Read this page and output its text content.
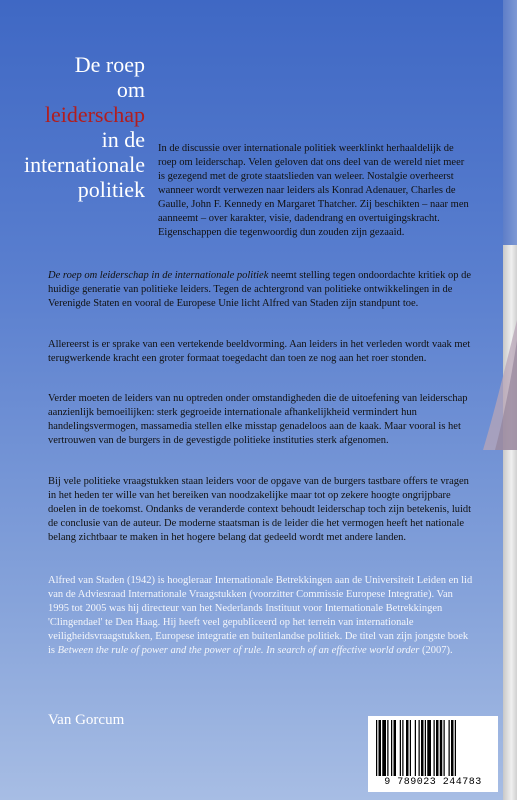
De roep
om
leiderschap
in de
internationale
politiek

In de discussie over internationale politiek weerklinkt herhaaldelijk de roep om leiderschap. Velen geloven dat ons deel van de wereld niet meer is gezegend met de grote staatslieden van weleer. Nostalgie overheerst wanneer wordt verwezen naar leiders als Konrad Adenauer, Charles de Gaulle, John F. Kennedy en Margaret Thatcher. Zij beschikten – naar men aanneemt – over karakter, visie, dadendrang en overtuigingskracht. Eigenschappen die tegenwoordig dun zouden zijn gezaaid.

De roep om leiderschap in de internationale politiek neemt stelling tegen ondoordachte kritiek op de huidige generatie van politieke leiders. Tegen de achtergrond van politieke ontwikkelingen in de Verenigde Staten en vooral de Europese Unie licht Alfred van Staden zijn standpunt toe.

Allereerst is er sprake van een vertekende beeldvorming. Aan leiders in het verleden wordt vaak met terugwerkende kracht een groter formaat toegedacht dan toen ze nog aan het roer stonden.

Verder moeten de leiders van nu optreden onder omstandigheden die de uitoefening van leiderschap aanzienlijk bemoeilijken: sterk gegroeide internationale afhankelijkheid vermindert hun handelingsvermogen, massamedia stellen elke misstap genadeloos aan de kaak. Maar vooral is het vertrouwen van de burgers in de gevestigde politieke instituties sterk afgenomen.

Bij vele politieke vraagstukken staan leiders voor de opgave van de burgers tastbare offers te vragen in het heden ter wille van het bereiken van noodzakelijke maar tot op zekere hoogte ongrijpbare doelen in de toekomst. Ondanks de veranderde context behoudt leiderschap toch zijn betekenis, luidt de conclusie van de auteur. De moderne staatsman is de leider die het vermogen heeft het nationale belang zichtbaar te maken in het hogere belang dat gedeeld wordt met andere landen.

Alfred van Staden (1942) is hoogleraar Internationale Betrekkingen aan de Universiteit Leiden en lid van de Adviesraad Internationale Vraagstukken (voorzitter Commissie Europese Integratie). Van 1995 tot 2005 was hij directeur van het Nederlands Instituut voor Internationale Betrekkingen 'Clingendael' te Den Haag. Hij heeft veel gepubliceerd op het terrein van internationale veiligheidsvraagstukken, Europese integratie en buitenlandse politiek. De titel van zijn jongste boek is Between the rule of power and the power of rule. In search of an effective world order (2007).

Van Gorcum
9 789023 244783
